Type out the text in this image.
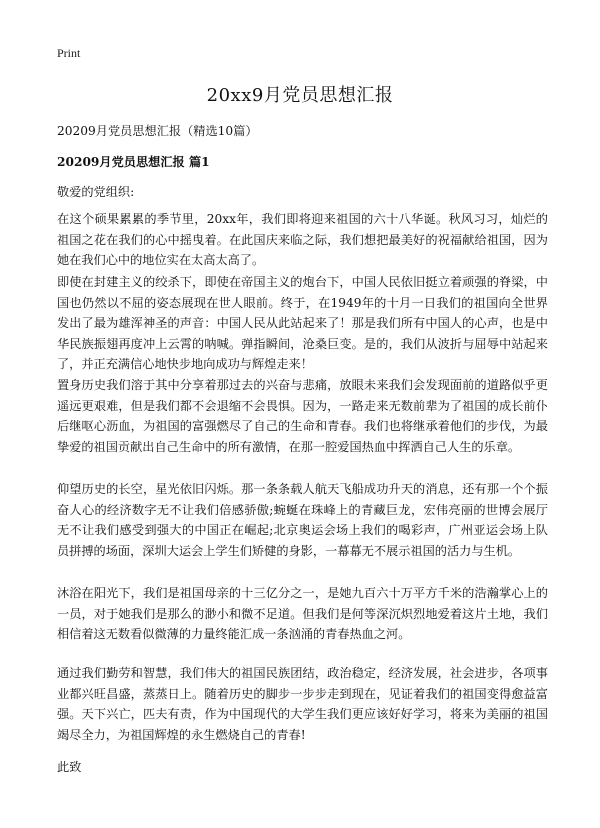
Print
20xx9月党员思想汇报
20209月党员思想汇报（精选10篇）
20209月党员思想汇报 篇1
敬爱的党组织:

在这个硕果累累的季节里，20xx年，我们即将迎来祖国的六十八华诞。秋风习习，灿烂的祖国之花在我们的心中摇曳着。在此国庆来临之际，我们想把最美好的祝福献给祖国，因为她在我们心中的地位实在太高太高了。

即使在封建主义的绞杀下，即使在帝国主义的炮台下，中国人民依旧挺立着顽强的脊梁，中国也仍然以不屈的姿态展现在世人眼前。终于，在1949年的十月一日我们的祖国向全世界发出了最为雄浑神圣的声音：中国人民从此站起来了！那是我们所有中国人的心声，也是中华民族振翅再度冲上云霄的呐喊。弹指瞬间，沧桑巨变。是的，我们从波折与屈辱中站起来了，并正充满信心地快步地向成功与辉煌走来！

置身历史我们溶于其中分享着那过去的兴奋与悲痛，放眼未来我们会发现面前的道路似乎更遥远更艰难，但是我们都不会退缩不会畏惧。因为，一路走来无数前辈为了祖国的成长前仆后继呕心沥血，为祖国的富强燃尽了自己的生命和青春。我们也将继承着他们的步伐，为最挚爱的祖国贡献出自己生命中的所有激情，在那一腔爱国热血中挥洒自己人生的乐章。

仰望历史的长空，星光依旧闪烁。那一条条载人航天飞船成功升天的消息，还有那一个个振奋人心的经济数字无不让我们倍感骄傲;蜿蜒在珠峰上的青藏巨龙，宏伟亮丽的世博会展厅无不让我们感受到强大的中国正在崛起;北京奥运会场上我们的喝彩声，广州亚运会场上队员拼搏的场面，深圳大运会上学生们矫健的身影，一幕幕无不展示祖国的活力与生机。

沐浴在阳光下，我们是祖国母亲的十三亿分之一，是她九百六十万平方千米的浩瀚掌心上的一员，对于她我们是那么的渺小和微不足道。但我们是何等深沉炽烈地爱着这片土地，我们相信着这无数看似微薄的力量终能汇成一条汹涌的青春热血之河。

通过我们勤劳和智慧，我们伟大的祖国民族团结，政治稳定，经济发展，社会进步，各项事业都兴旺昌盛，蒸蒸日上。随着历史的脚步一步步走到现在，见证着我们的祖国变得愈益富强。天下兴亡，匹夫有责，作为中国现代的大学生我们更应该好好学习，将来为美丽的祖国竭尽全力，为祖国辉煌的永生燃烧自己的青春!

此致
